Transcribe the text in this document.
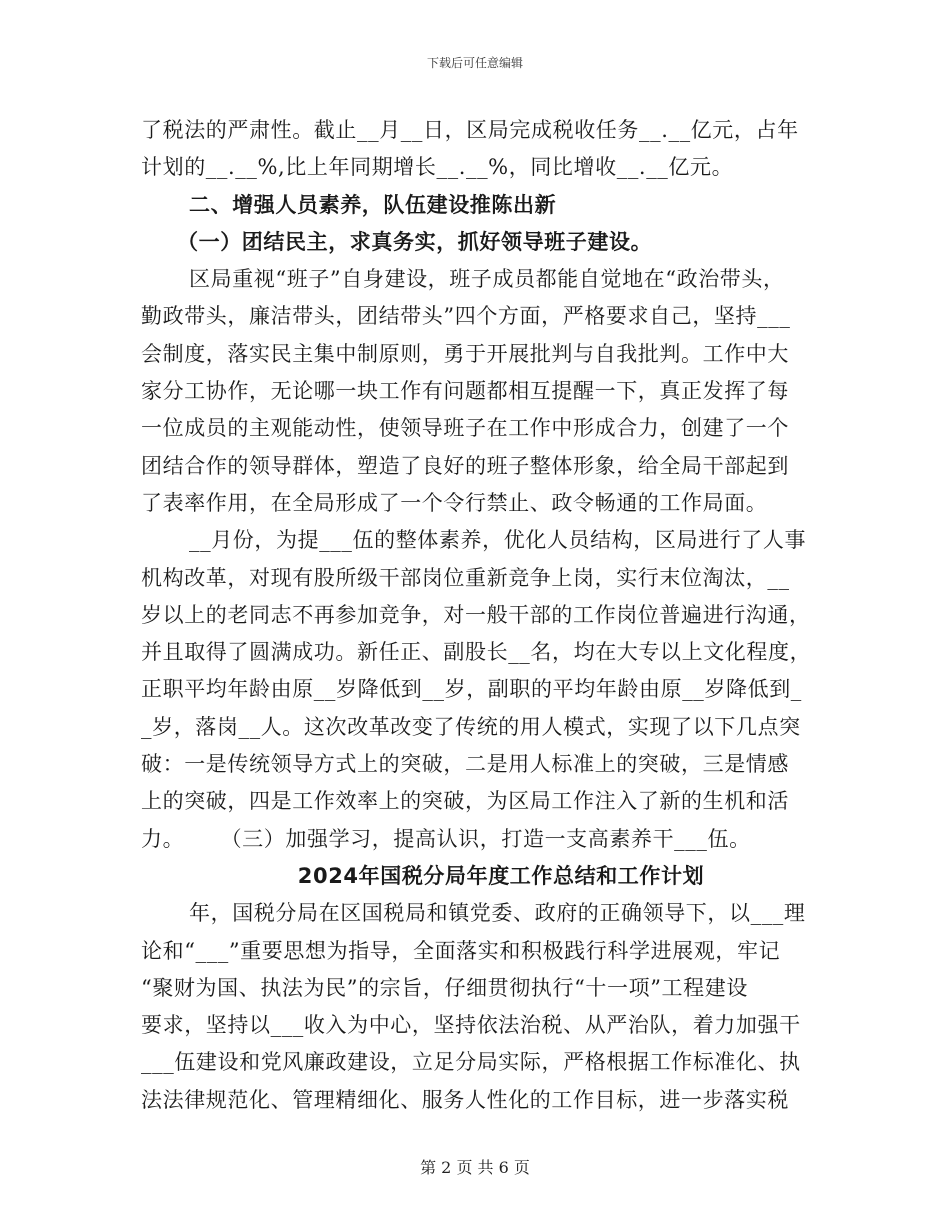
下载后可任意编辑
了税法的严肃性。截止__月__日，区局完成税收任务__.__亿元，占年
计划的__.__%,比上年同期增长__.__%，同比增收__.__亿元。
二、增强人员素养，队伍建设推陈出新
（一）团结民主，求真务实，抓好领导班子建设。
区局重视“班子”自身建设，班子成员都能自觉地在“政治带头，
勤政带头，廉洁带头，团结带头”四个方面，严格要求自己，坚持___
会制度，落实民主集中制原则，勇于开展批判与自我批判。工作中大
家分工协作，无论哪一块工作有问题都相互提醒一下，真正发挥了每
一位成员的主观能动性，使领导班子在工作中形成合力，创建了一个
团结合作的领导群体，塑造了良好的班子整体形象，给全局干部起到
了表率作用，在全局形成了一个令行禁止、政令畅通的工作局面。
__月份，为提___伍的整体素养，优化人员结构，区局进行了人事
机构改革，对现有股所级干部岗位重新竞争上岗，实行末位淘汰，__
岁以上的老同志不再参加竞争，对一般干部的工作岗位普遍进行沟通，
并且取得了圆满成功。新任正、副股长__名，均在大专以上文化程度，
正职平均年龄由原__岁降低到__岁，副职的平均年龄由原__岁降低到_
_岁，落岗__人。这次改革改变了传统的用人模式，实现了以下几点突
破：一是传统领导方式上的突破，二是用人标准上的突破，三是情感
上的突破，四是工作效率上的突破，为区局工作注入了新的生机和活
力。     （三）加强学习，提高认识，打造一支高素养干___伍。
2024年国税分局年度工作总结和工作计划
年，国税分局在区国税局和镇党委、政府的正确领导下，以___理
论和“___”重要思想为指导，全面落实和积极践行科学进展观，牢记
“聚财为国、执法为民”的宗旨，仔细贯彻执行“十一项”工程建设
要求，坚持以___收入为中心，坚持依法治税、从严治队，着力加强干
___伍建设和党风廉政建设，立足分局实际，严格根据工作标准化、执
法法律规范化、管理精细化、服务人性化的工作目标，进一步落实税
第 2 页 共 6 页
